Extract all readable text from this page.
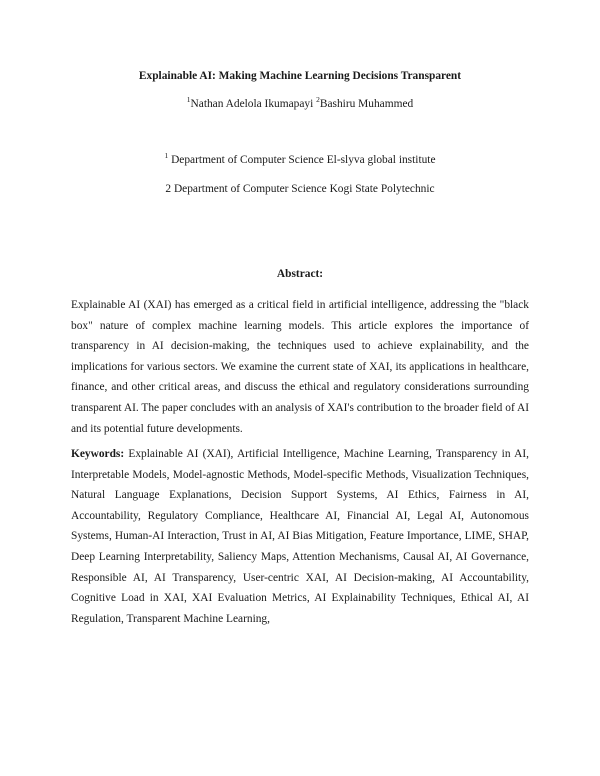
Explainable AI: Making Machine Learning Decisions Transparent
$^1$Nathan Adelola Ikumapayi $^2$Bashiru Muhammed
$^1$ Department of Computer Science El-slyva global institute
2 Department of Computer Science Kogi State Polytechnic
Abstract:
Explainable AI (XAI) has emerged as a critical field in artificial intelligence, addressing the "black box" nature of complex machine learning models. This article explores the importance of transparency in AI decision-making, the techniques used to achieve explainability, and the implications for various sectors. We examine the current state of XAI, its applications in healthcare, finance, and other critical areas, and discuss the ethical and regulatory considerations surrounding transparent AI. The paper concludes with an analysis of XAI's contribution to the broader field of AI and its potential future developments.
Keywords: Explainable AI (XAI), Artificial Intelligence, Machine Learning, Transparency in AI, Interpretable Models, Model-agnostic Methods, Model-specific Methods, Visualization Techniques, Natural Language Explanations, Decision Support Systems, AI Ethics, Fairness in AI, Accountability, Regulatory Compliance, Healthcare AI, Financial AI, Legal AI, Autonomous Systems, Human-AI Interaction, Trust in AI, AI Bias Mitigation, Feature Importance, LIME, SHAP, Deep Learning Interpretability, Saliency Maps, Attention Mechanisms, Causal AI, AI Governance, Responsible AI, AI Transparency, User-centric XAI, AI Decision-making, AI Accountability, Cognitive Load in XAI, XAI Evaluation Metrics, AI Explainability Techniques, Ethical AI, AI Regulation, Transparent Machine Learning,
